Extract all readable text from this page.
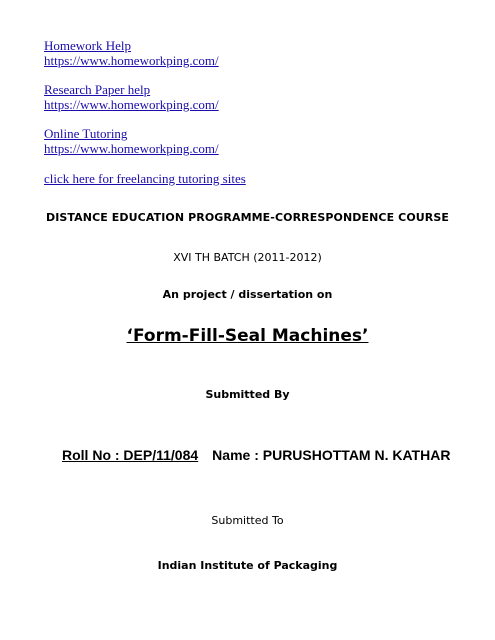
Homework Help
https://www.homeworkping.com/
Research Paper help
https://www.homeworkping.com/
Online Tutoring
https://www.homeworkping.com/
click here for freelancing tutoring sites
DISTANCE EDUCATION PROGRAMME-CORRESPONDENCE COURSE
XVI TH BATCH (2011-2012)
An project / dissertation on
‘Form-Fill-Seal Machines’
Submitted By
Roll No : DEP/11/084Name : PURUSHOTTAM N. KATHAR
Submitted To
Indian Institute of Packaging
